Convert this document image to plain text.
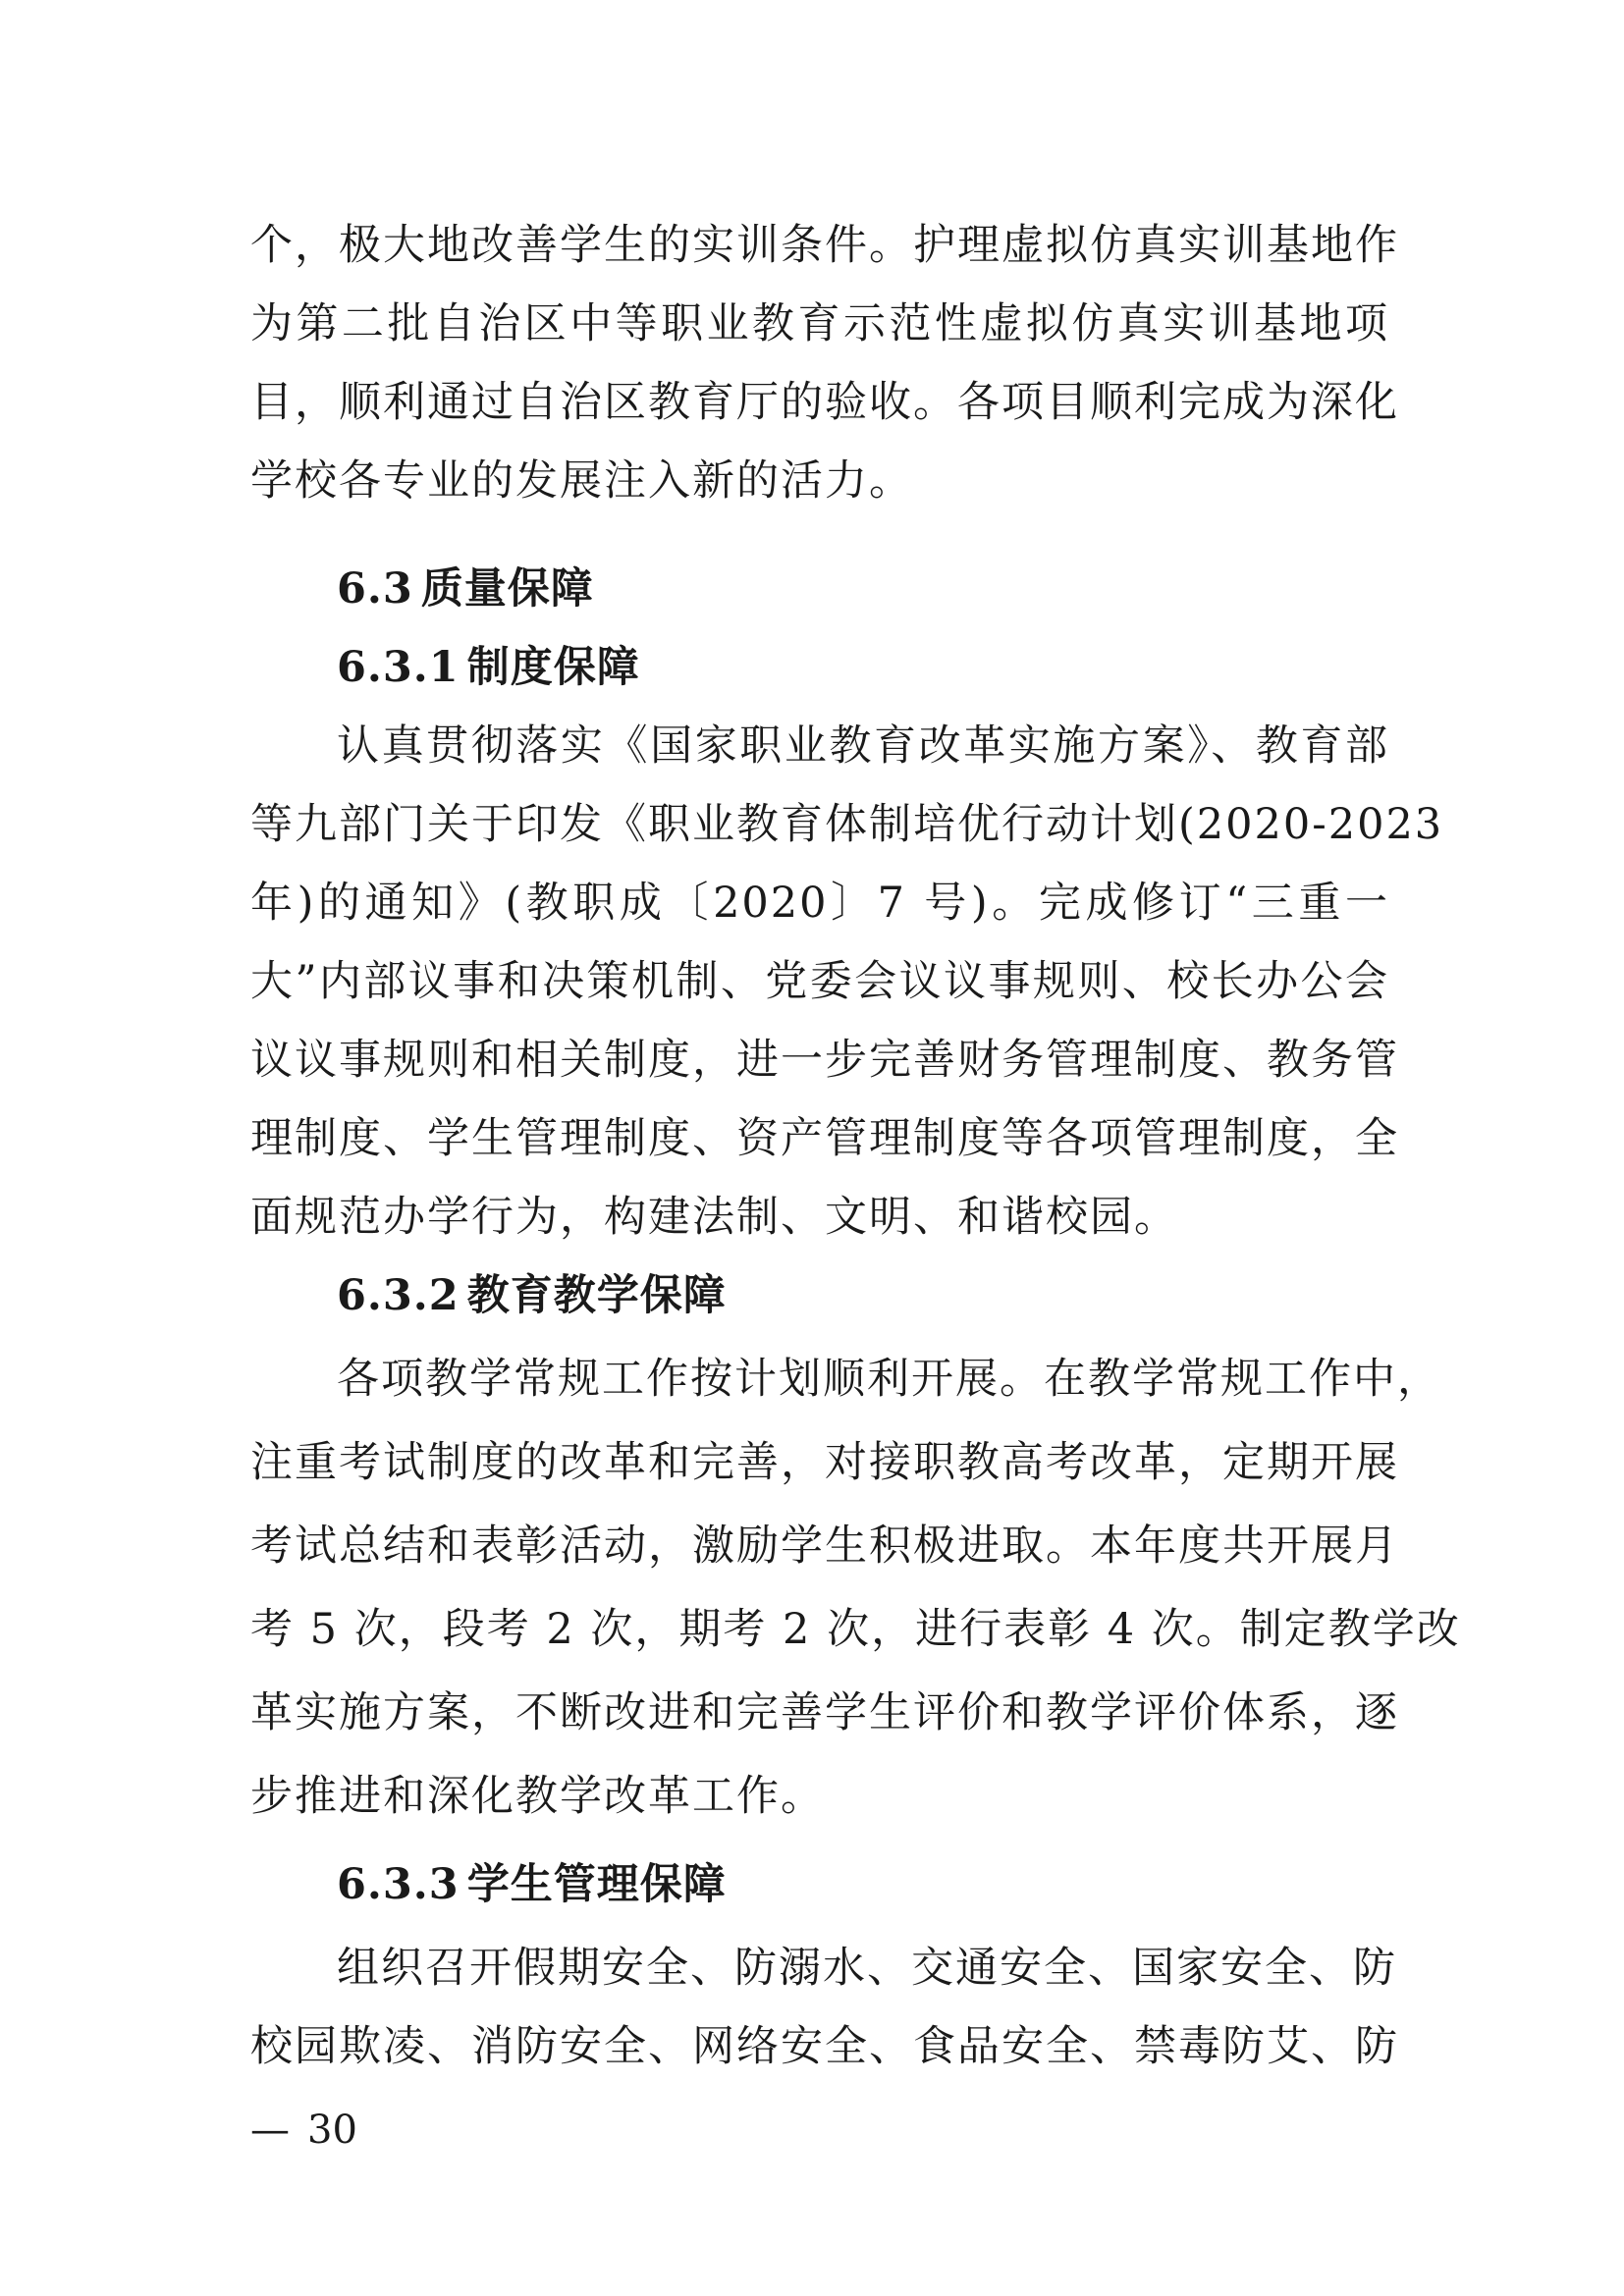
个，极大地改善学生的实训条件。护理虚拟仿真实训基地作
为第二批自治区中等职业教育示范性虚拟仿真实训基地项
目，顺利通过自治区教育厅的验收。各项目顺利完成为深化
学校各专业的发展注入新的活力。
6.3 质量保障
6.3.1 制度保障
认真贯彻落实《国家职业教育改革实施方案》、教育部
等九部门关于印发《职业教育体制培优行动计划(2020-2023
年)的通知》(教职成〔2020〕7 号)。完成修订“三重一
大”内部议事和决策机制、党委会议议事规则、校长办公会
议议事规则和相关制度，进一步完善财务管理制度、教务管
理制度、学生管理制度、资产管理制度等各项管理制度，全
面规范办学行为，构建法制、文明、和谐校园。
6.3.2 教育教学保障
各项教学常规工作按计划顺利开展。在教学常规工作中，
注重考试制度的改革和完善，对接职教高考改革，定期开展
考试总结和表彰活动，激励学生积极进取。本年度共开展月
考 5 次，段考 2 次，期考 2 次，进行表彰 4 次。制定教学改
革实施方案，不断改进和完善学生评价和教学评价体系，逐
步推进和深化教学改革工作。
6.3.3 学生管理保障
组织召开假期安全、防溺水、交通安全、国家安全、防
校园欺凌、消防安全、网络安全、食品安全、禁毒防艾、防
— 30
